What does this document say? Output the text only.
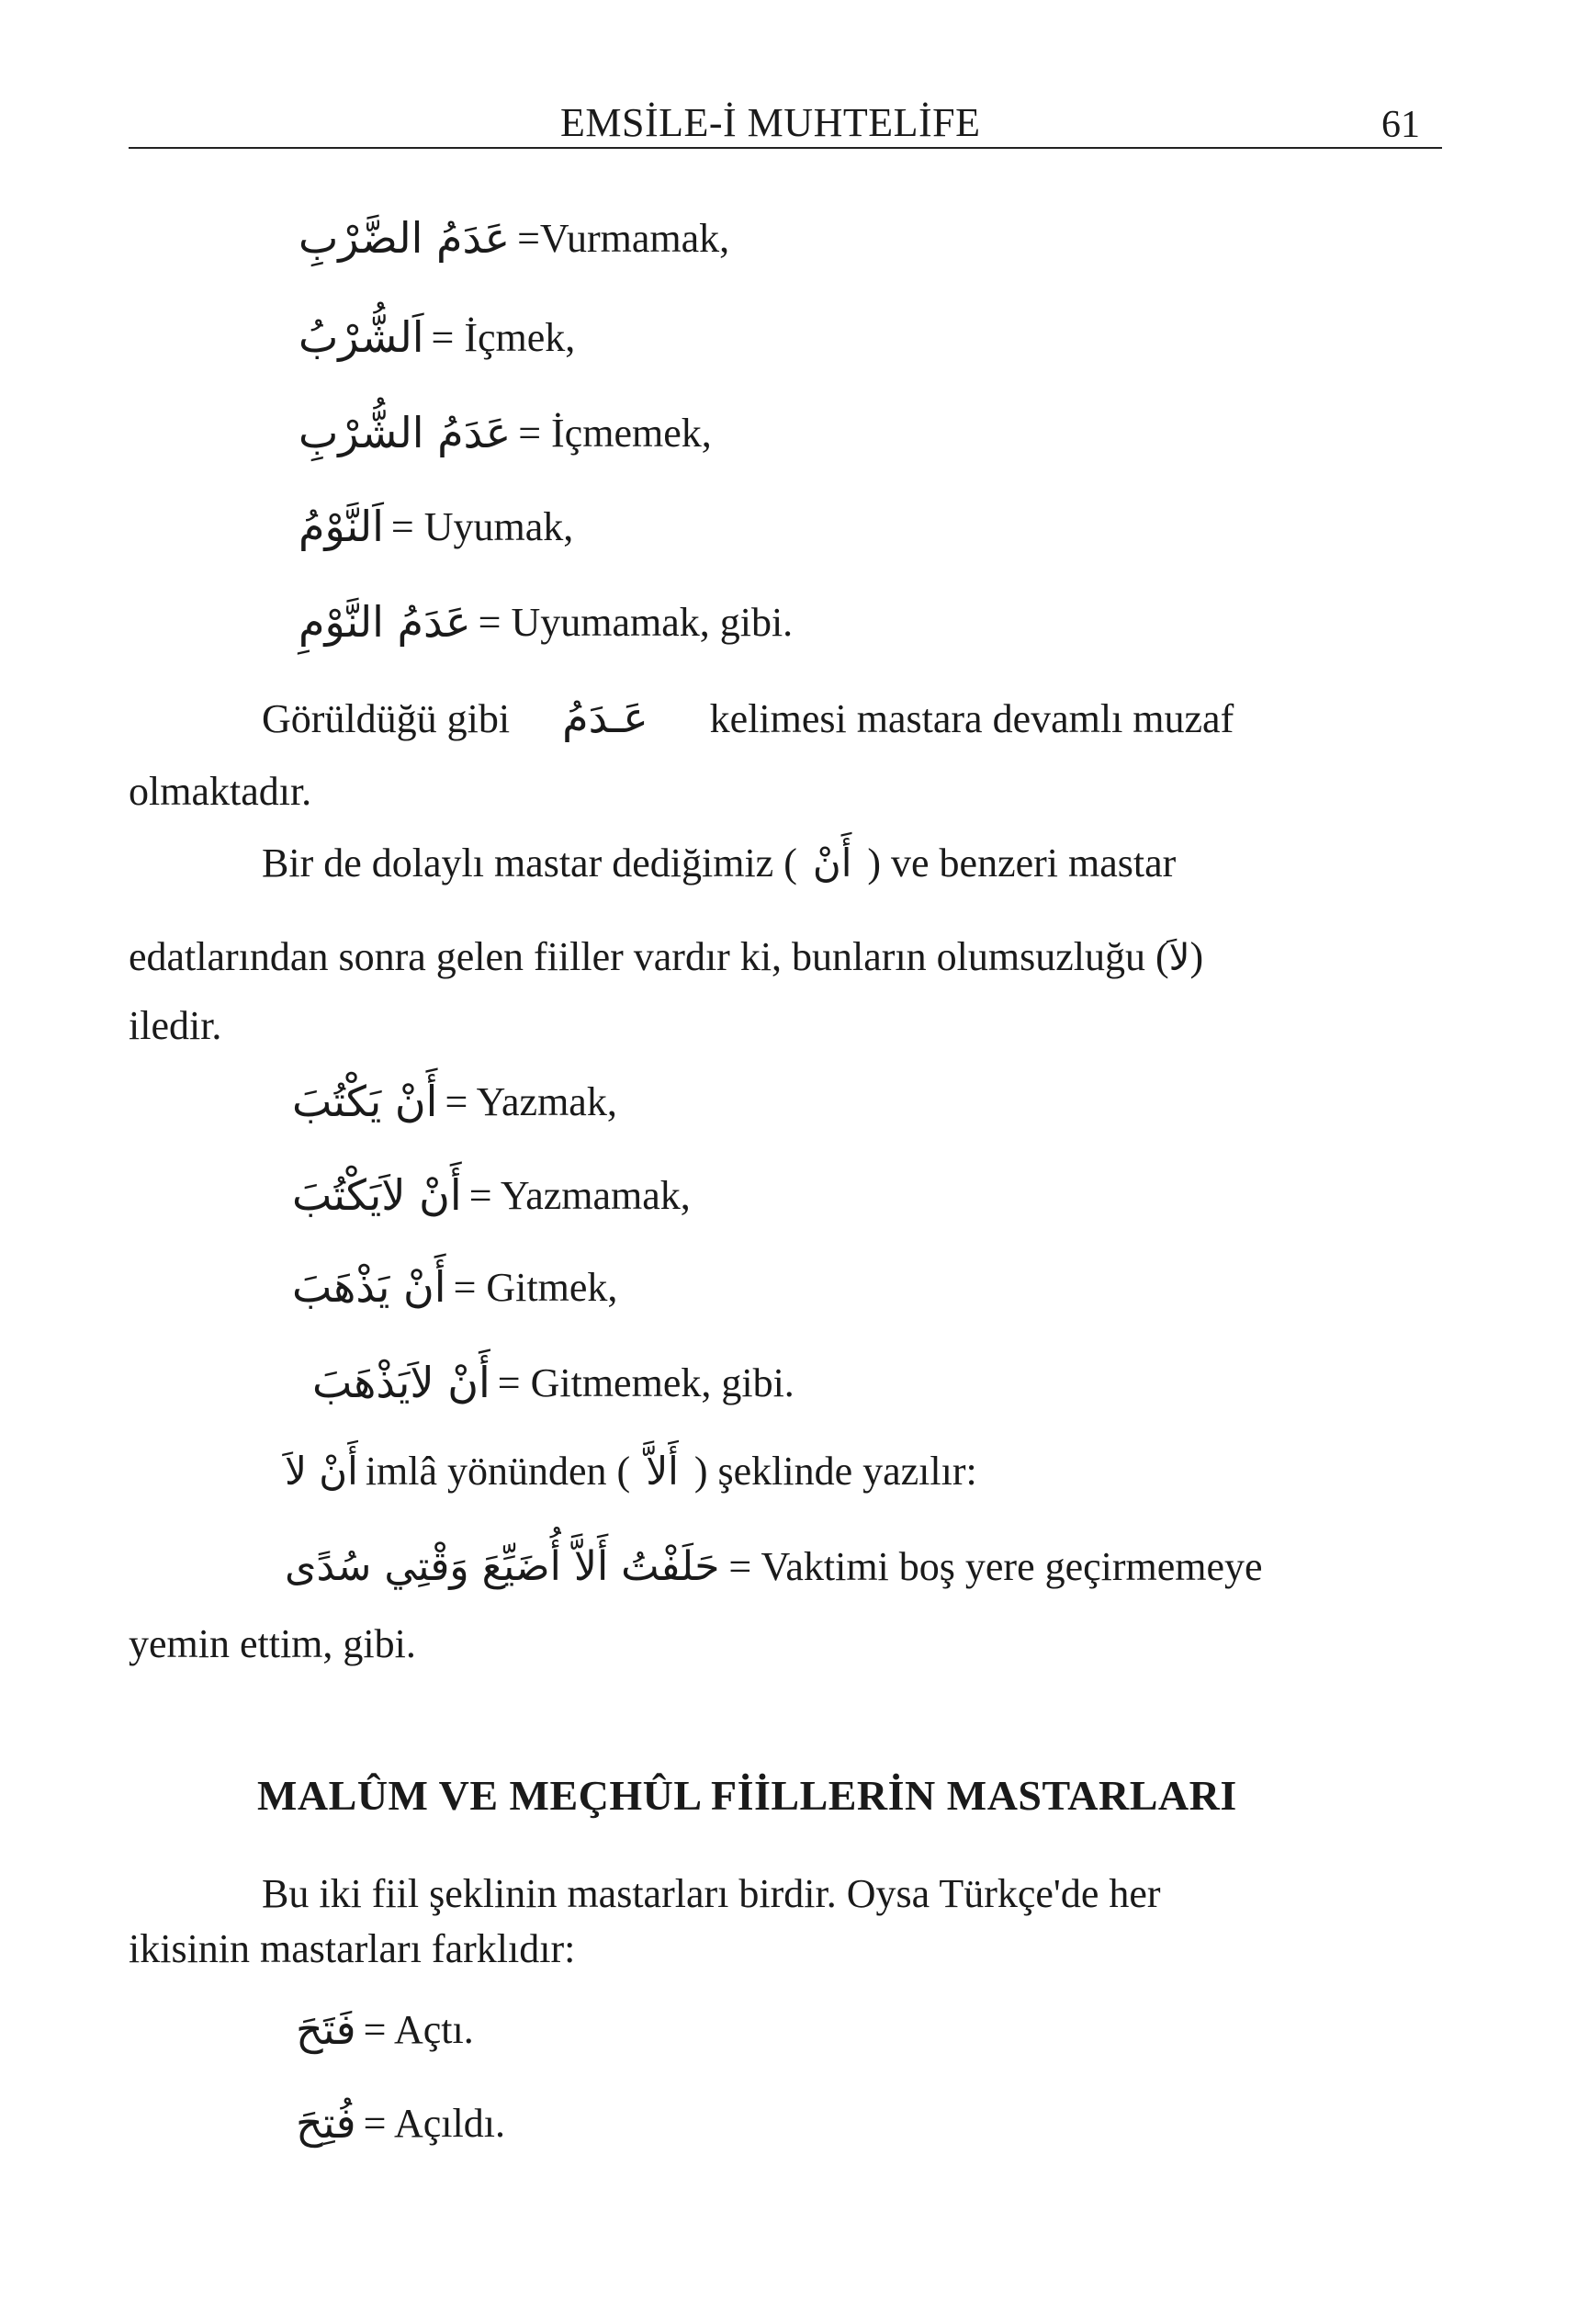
EMSİLE-İ MUHTELİFE	61
عَدَمُ الضَّرْبِ =Vurmamak,
اَلشُّرْبُ = İçmek,
عَدَمُ الشُّرْبِ = İçmemek,
اَلنَّوْمُ = Uyumak,
عَدَمُ النَّوْمِ = Uyumamak, gibi.
Görüldüğü gibi عَـدَمُ kelimesi mastara devamlı muzaf
olmaktadır.
Bir de dolaylı mastar dediğimiz ( أَنْ ) ve benzeri mastar
edatlarından sonra gelen fiiller vardır ki, bunların olumsuzluğu (لاَ)
iledir.
أَنْ يَكْتُبَ = Yazmak,
أَنْ لاَيَكْتُبَ = Yazmamak,
أَنْ يَذْهَبَ = Gitmek,
أَنْ لاَيَذْهَبَ = Gitmemek, gibi.
أَنْ لاَ imlâ yönünden ( أَلاَّ ) şeklinde yazılır:
حَلَفْتُ أَلاَّ أُضَيِّعَ وَقْتِي سُدًى = Vaktimi boş yere geçirmemeye
yemin ettim, gibi.
MALÛM VE MEÇHÛL FİİLLERİN MASTARLARI
Bu iki fiil şeklinin mastarları birdir. Oysa Türkçe'de her
ikisinin mastarları farklıdır:
فَتَحَ = Açtı.
فُتِحَ = Açıldı.
